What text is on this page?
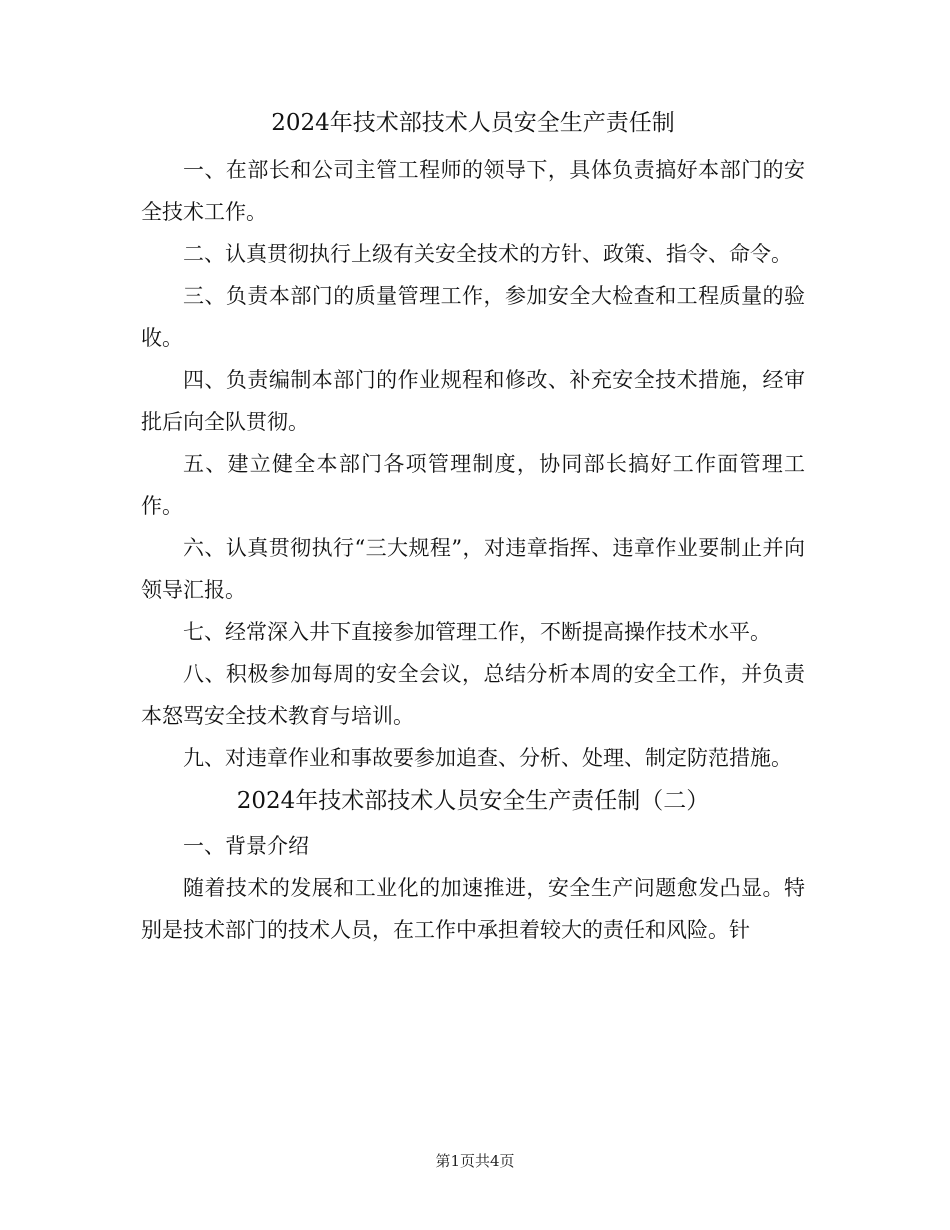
2024年技术部技术人员安全生产责任制

一、在部长和公司主管工程师的领导下，具体负责搞好本部门的安全技术工作。

二、认真贯彻执行上级有关安全技术的方针、政策、指令、命令。

三、负责本部门的质量管理工作，参加安全大检查和工程质量的验收。

四、负责编制本部门的作业规程和修改、补充安全技术措施，经审批后向全队贯彻。

五、建立健全本部门各项管理制度，协同部长搞好工作面管理工作。

六、认真贯彻执行“三大规程”，对违章指挥、违章作业要制止并向领导汇报。

七、经常深入井下直接参加管理工作，不断提高操作技术水平。

八、积极参加每周的安全会议，总结分析本周的安全工作，并负责本怒骂安全技术教育与培训。

九、对违章作业和事故要参加追查、分析、处理、制定防范措施。

2024年技术部技术人员安全生产责任制（二）

一、背景介绍

随着技术的发展和工业化的加速推进，安全生产问题愈发凸显。特别是技术部门的技术人员，在工作中承担着较大的责任和风险。针

第1页共4页
